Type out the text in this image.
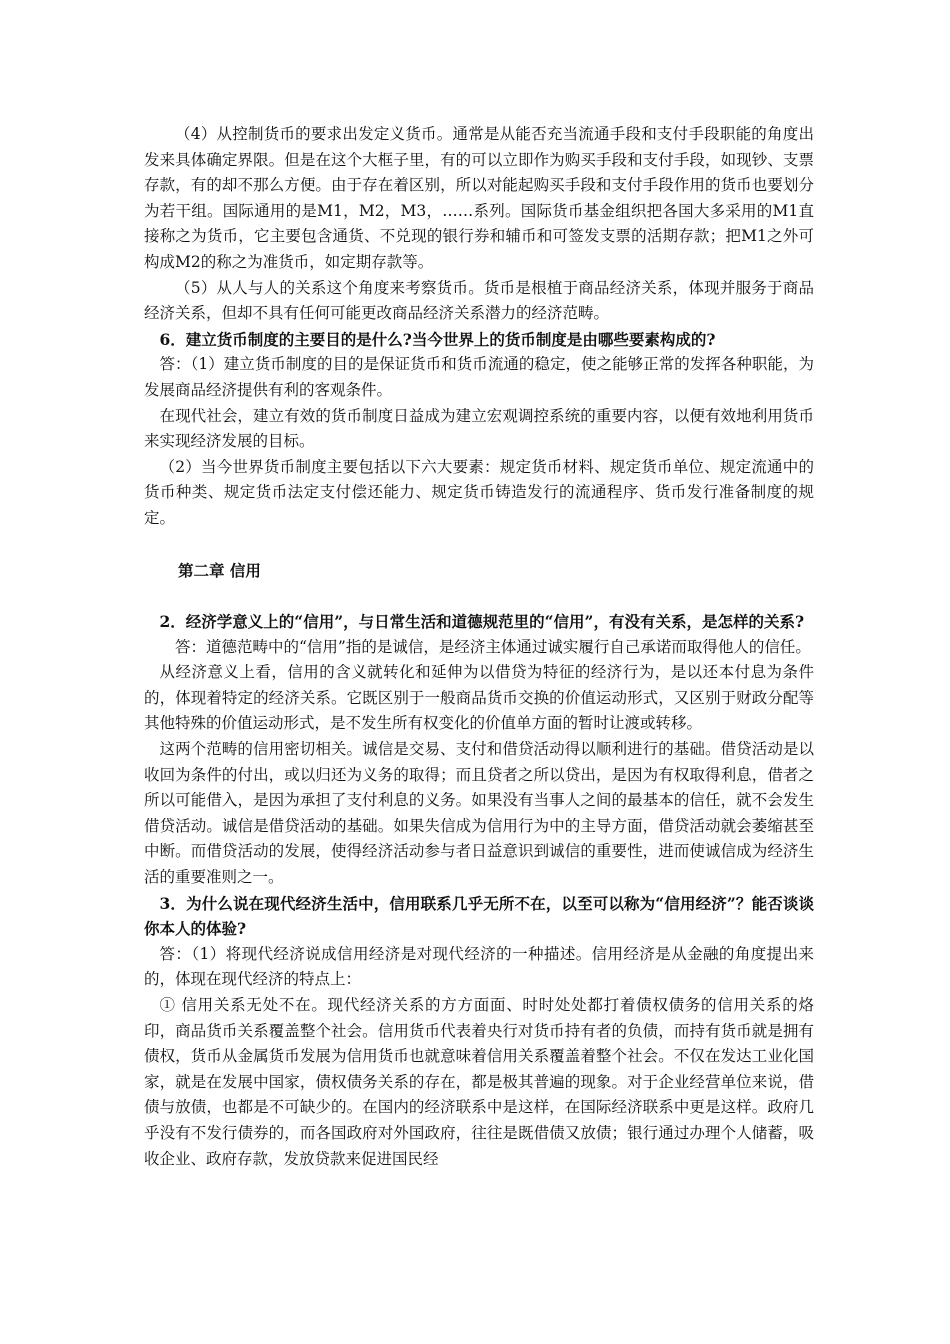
（4）从控制货币的要求出发定义货币。通常是从能否充当流通手段和支付手段职能的角度出发来具体确定界限。但是在这个大框子里，有的可以立即作为购买手段和支付手段，如现钞、支票存款，有的却不那么方便。由于存在着区别，所以对能起购买手段和支付手段作用的货币也要划分为若干组。国际通用的是M1，M2，M3，……系列。国际货币基金组织把各国大多采用的M1直接称之为货币，它主要包含通货、不兑现的银行券和辅币和可签发支票的活期存款；把M1之外可构成M2的称之为准货币，如定期存款等。

（5）从人与人的关系这个角度来考察货币。货币是根植于商品经济关系，体现并服务于商品经济关系，但却不具有任何可能更改商品经济关系潜力的经济范畴。

6．建立货币制度的主要目的是什么?当今世界上的货币制度是由哪些要素构成的?

答：（1）建立货币制度的目的是保证货币和货币流通的稳定，使之能够正常的发挥各种职能，为发展商品经济提供有利的客观条件。

在现代社会，建立有效的货币制度日益成为建立宏观调控系统的重要内容，以便有效地利用货币来实现经济发展的目标。

（2）当今世界货币制度主要包括以下六大要素：规定货币材料、规定货币单位、规定流通中的货币种类、规定货币法定支付偿还能力、规定货币铸造发行的流通程序、货币发行准备制度的规定。

第二章 信用

2．经济学意义上的“信用”，与日常生活和道德规范里的“信用”，有没有关系，是怎样的关系?

答：道德范畴中的“信用”指的是诚信，是经济主体通过诚实履行自己承诺而取得他人的信任。

从经济意义上看，信用的含义就转化和延伸为以借贷为特征的经济行为，是以还本付息为条件的，体现着特定的经济关系。它既区别于一般商品货币交换的价值运动形式，又区别于财政分配等其他特殊的价值运动形式，是不发生所有权变化的价值单方面的暂时让渡或转移。

这两个范畴的信用密切相关。诚信是交易、支付和借贷活动得以顺利进行的基础。借贷活动是以收回为条件的付出，或以归还为义务的取得；而且贷者之所以贷出，是因为有权取得利息，借者之所以可能借入，是因为承担了支付利息的义务。如果没有当事人之间的最基本的信任，就不会发生借贷活动。诚信是借贷活动的基础。如果失信成为信用行为中的主导方面，借贷活动就会萎缩甚至中断。而借贷活动的发展，使得经济活动参与者日益意识到诚信的重要性，进而使诚信成为经济生活的重要准则之一。

3．为什么说在现代经济生活中，信用联系几乎无所不在，以至可以称为“信用经济”？能否谈谈你本人的体验?

答：（1）将现代经济说成信用经济是对现代经济的一种描述。信用经济是从金融的角度提出来的，体现在现代经济的特点上：

① 信用关系无处不在。现代经济关系的方方面面、时时处处都打着债权债务的信用关系的烙印，商品货币关系覆盖整个社会。信用货币代表着央行对货币持有者的负债，而持有货币就是拥有债权，货币从金属货币发展为信用货币也就意味着信用关系覆盖着整个社会。不仅在发达工业化国家，就是在发展中国家，债权债务关系的存在，都是极其普遍的现象。对于企业经营单位来说，借债与放债，也都是不可缺少的。在国内的经济联系中是这样，在国际经济联系中更是这样。政府几乎没有不发行债券的，而各国政府对外国政府，往往是既借债又放债；银行通过办理个人储蓄，吸收企业、政府存款，发放贷款来促进国民经
